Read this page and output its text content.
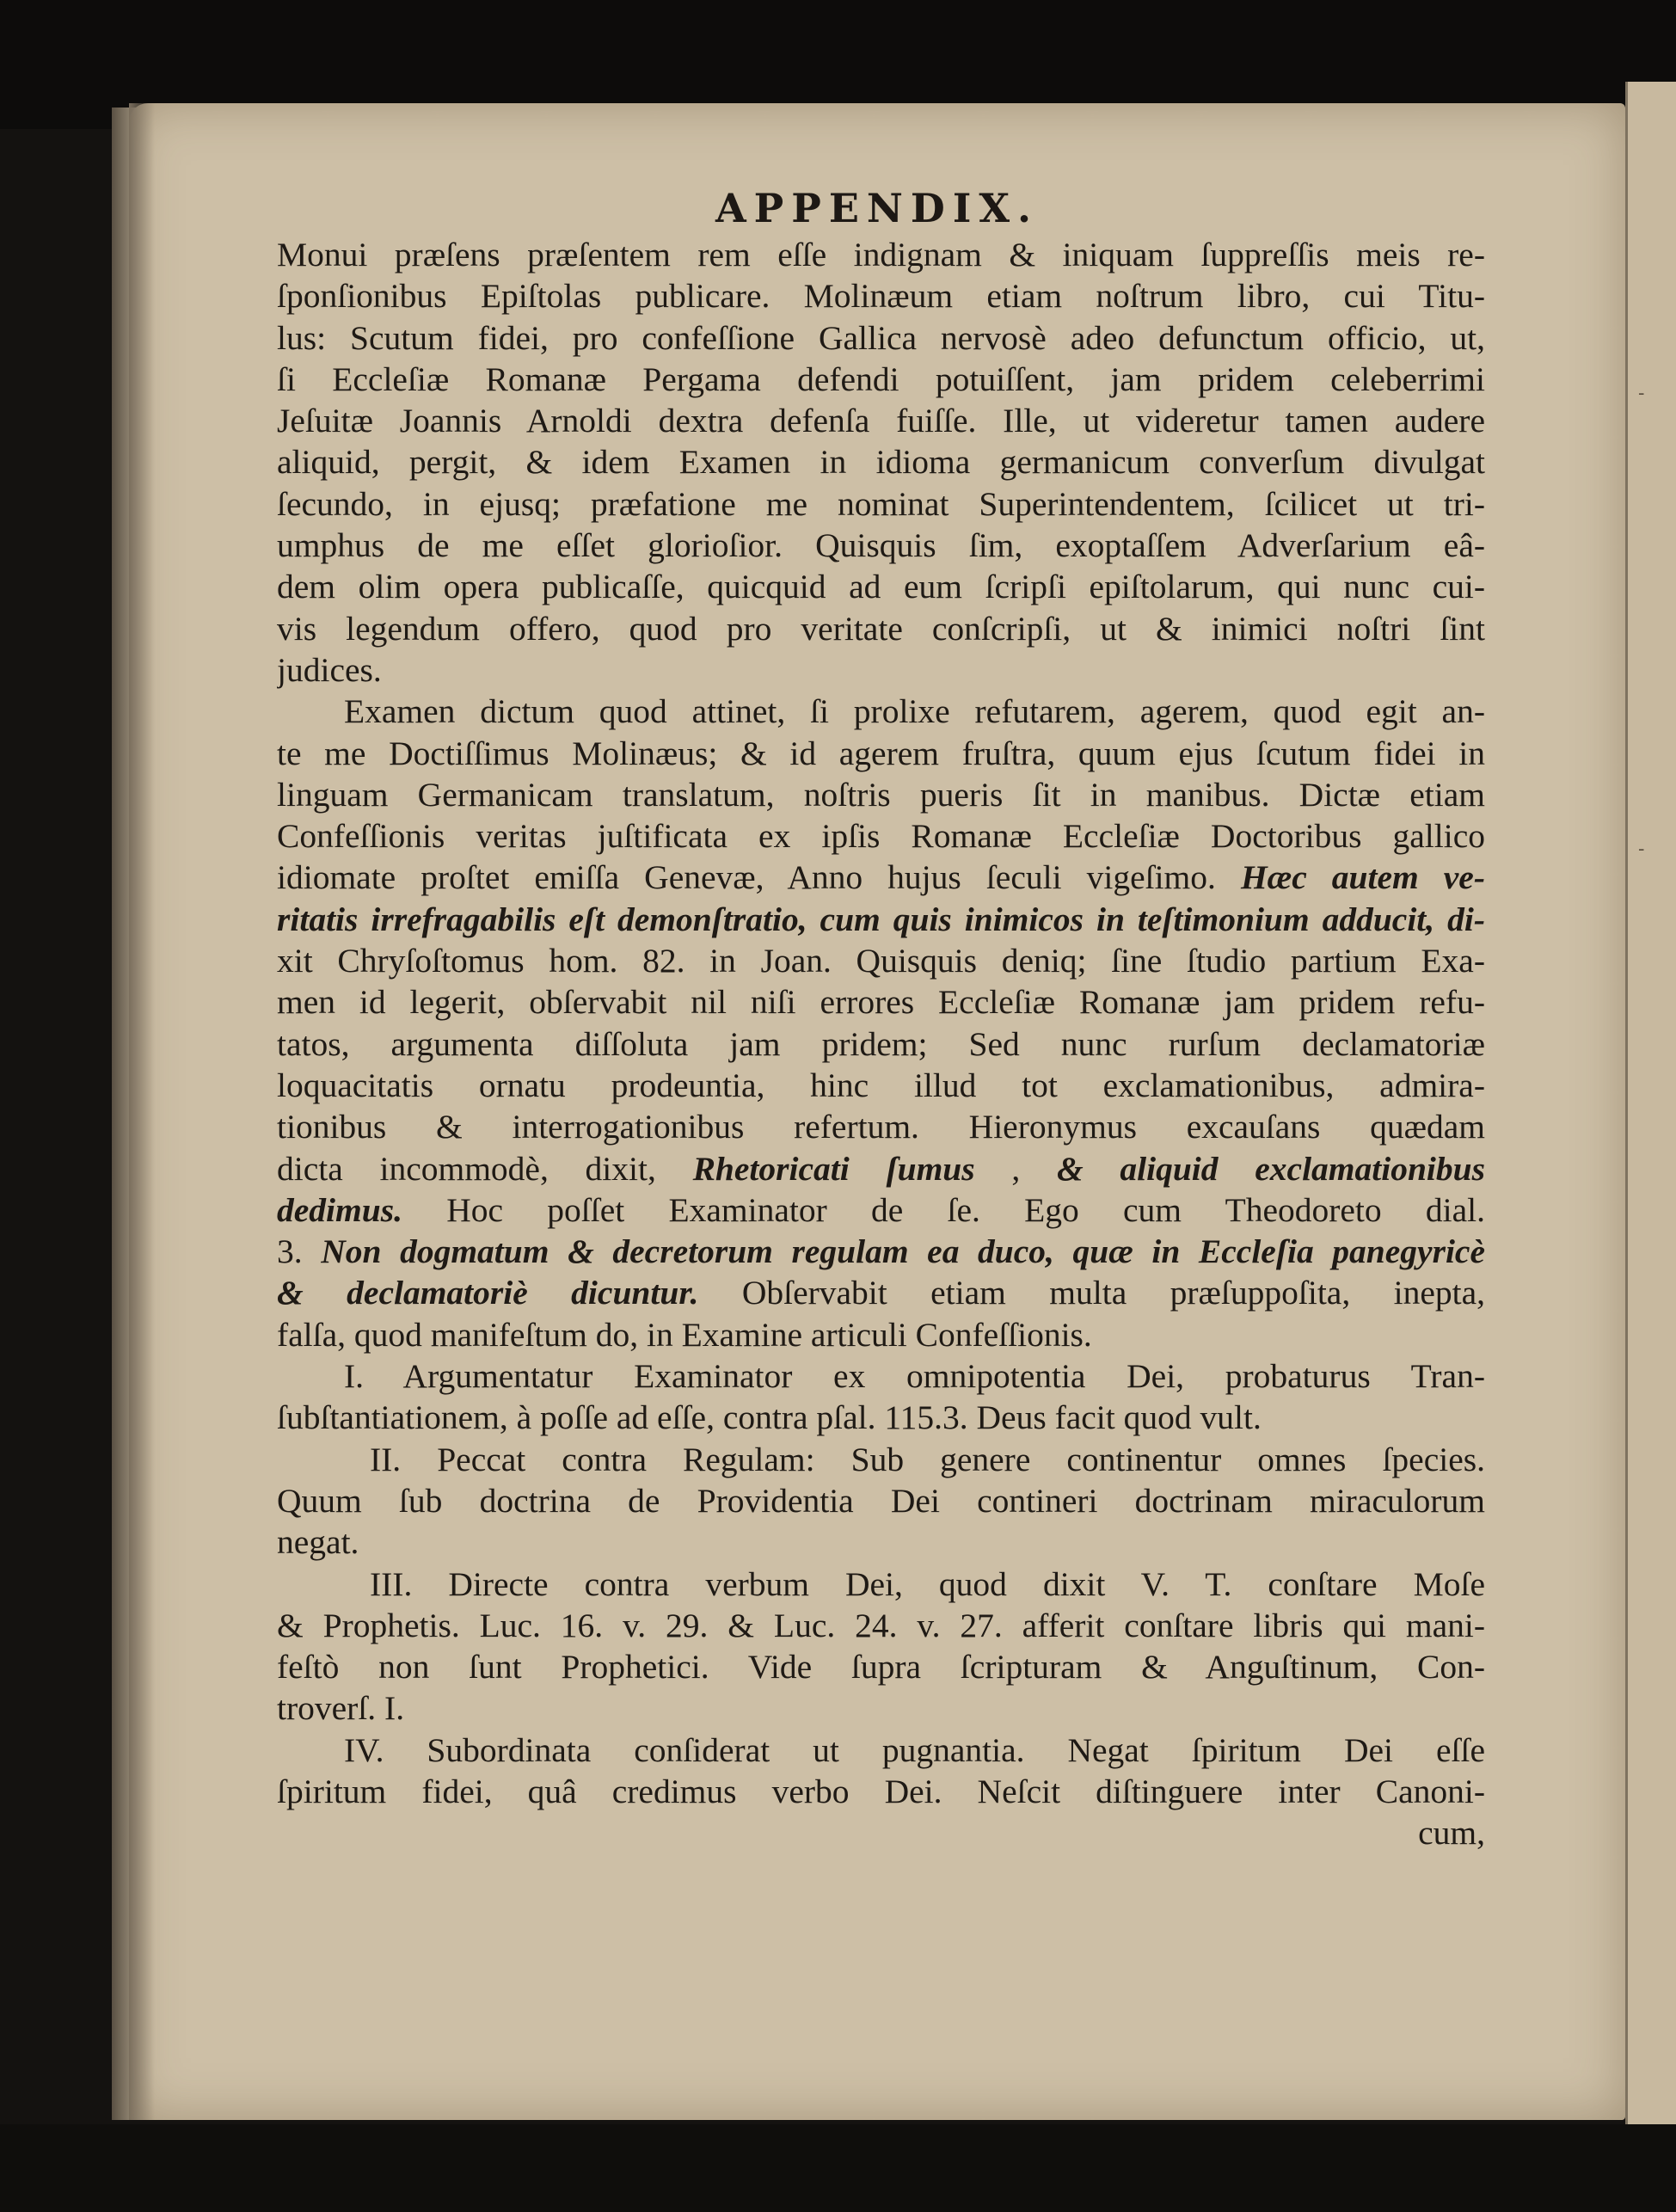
-
-
APPENDIX.
Monui præſens præſentem rem eſſe indignam & iniquam ſuppreſſis meis re-
ſponſionibus Epiſtolas publicare. Molinæum etiam noſtrum libro, cui Titu-
lus: Scutum fidei, pro confeſſione Gallica nervosè adeo defunctum officio, ut,
ſi Eccleſiæ Romanæ Pergama defendi potuiſſent, jam pridem celeberrimi
Jeſuitæ Joannis Arnoldi dextra defenſa fuiſſe. Ille, ut videretur tamen audere
aliquid, pergit, & idem Examen in idioma germanicum converſum divulgat
ſecundo, in ejusq; præfatione me nominat Superintendentem, ſcilicet ut tri-
umphus de me eſſet glorioſior. Quisquis ſim, exoptaſſem Adverſarium eâ-
dem olim opera publicaſſe, quicquid ad eum ſcripſi epiſtolarum, qui nunc cui-
vis legendum offero, quod pro veritate conſcripſi, ut & inimici noſtri ſint
judices.
Examen dictum quod attinet, ſi prolixe refutarem, agerem, quod egit an-
te me Doctiſſimus Molinæus; & id agerem fruſtra, quum ejus ſcutum fidei in
linguam Germanicam translatum, noſtris pueris ſit in manibus. Dictæ etiam
Confeſſionis veritas juſtificata ex ipſis Romanæ Eccleſiæ Doctoribus gallico
idiomate proſtet emiſſa Genevæ, Anno hujus ſeculi vigeſimo. Hæc autem ve-
ritatis irrefragabilis eſt demonſtratio, cum quis inimicos in teſtimonium adducit, di-
xit Chryſoſtomus hom. 82. in Joan. Quisquis deniq; ſine ſtudio partium Exa-
men id legerit, obſervabit nil niſi errores Eccleſiæ Romanæ jam pridem refu-
tatos, argumenta diſſoluta jam pridem; Sed nunc rurſum declamatoriæ
loquacitatis ornatu prodeuntia, hinc illud tot exclamationibus, admira-
tionibus & interrogationibus refertum. Hieronymus excauſans quædam
dicta incommodè, dixit, Rhetoricati ſumus , & aliquid exclamationibus
dedimus. Hoc poſſet Examinator de ſe. Ego cum Theodoreto dial.
3. Non dogmatum & decretorum regulam ea duco, quæ in Eccleſia panegyricè
& declamatoriè dicuntur. Obſervabit etiam multa præſuppoſita, inepta,
falſa, quod manifeſtum do, in Examine articuli Confeſſionis.
I. Argumentatur Examinator ex omnipotentia Dei, probaturus Tran-
ſubſtantiationem, à poſſe ad eſſe, contra pſal. 115.3. Deus facit quod vult.
II. Peccat contra Regulam: Sub genere continentur omnes ſpecies.
Quum ſub doctrina de Providentia Dei contineri doctrinam miraculorum
negat.
III. Directe contra verbum Dei, quod dixit V. T. conſtare Moſe
& Prophetis. Luc. 16. v. 29. & Luc. 24. v. 27. afferit conſtare libris qui mani-
feſtò non ſunt Prophetici. Vide ſupra ſcripturam & Anguſtinum, Con-
troverſ. I.
IV. Subordinata conſiderat ut pugnantia. Negat ſpiritum Dei eſſe
ſpiritum fidei, quâ credimus verbo Dei. Neſcit diſtinguere inter Canoni-
cum,
